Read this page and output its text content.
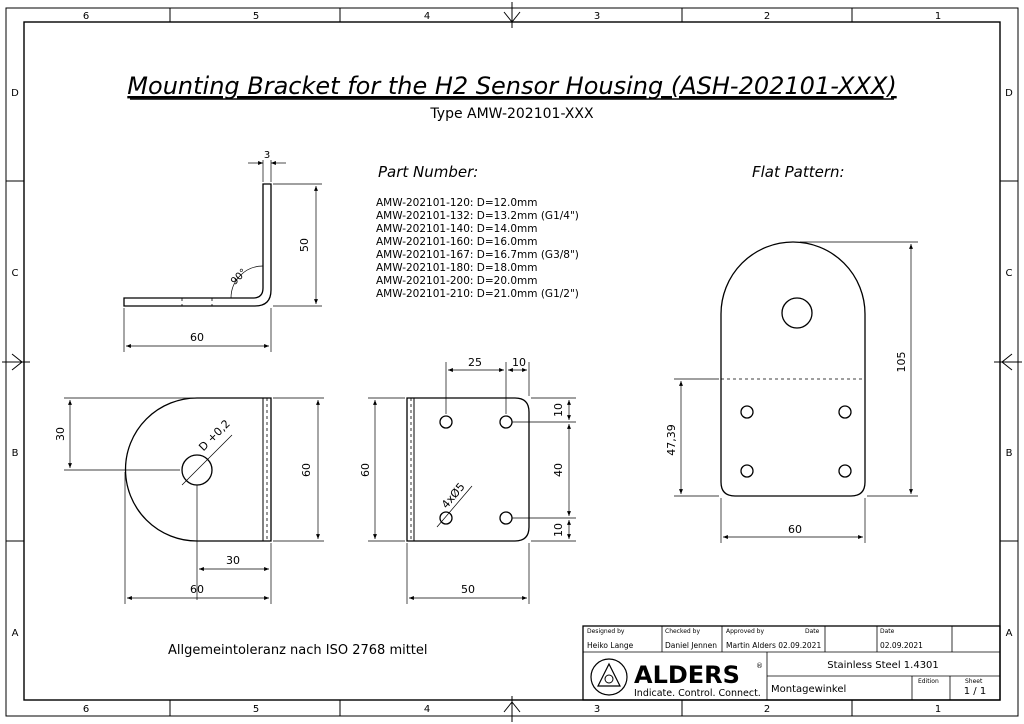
6	5	4	3	2	1
6	5	4	3	2	1
D
C
B
A
D
C
B
A
Mounting Bracket for the H2 Sensor Housing (ASH-202101-XXX)
Type AMW-202101-XXX
Part Number:
AMW-202101-120: D=12.0mm
AMW-202101-132: D=13.2mm (G1/4")
AMW-202101-140: D=14.0mm
AMW-202101-160: D=16.0mm
AMW-202101-167: D=16.7mm (G3/8")
AMW-202101-180: D=18.0mm
AMW-202101-200: D=20.0mm
AMW-202101-210: D=21.0mm (G1/2")
Flat Pattern:
3
50
60
90°
30	D +0,2
60
30
60
25	10
10
40
10
60
4xØ5
50
105
47,39
60
Allgemeintoleranz nach ISO 2768 mittel
Designed by
Heiko Lange
Checked by
Daniel Jennen
Approved by
Martin Alders 02.09.2021
Date	Date
02.09.2021
ALDERS ®
Indicate. Control. Connect.
Stainless Steel 1.4301
Montagewinkel
Edition	Sheet
1 / 1
